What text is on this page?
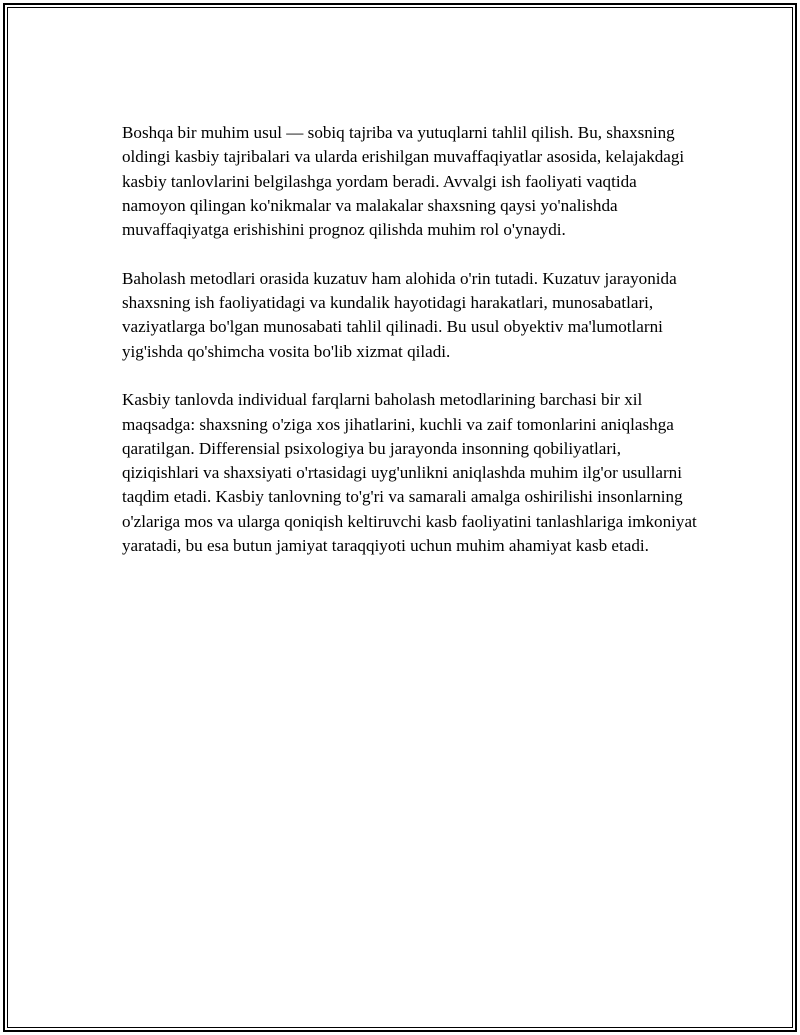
Boshqa bir muhim usul — sobiq tajriba va yutuqlarni tahlil qilish. Bu, shaxsning oldingi kasbiy tajribalari va ularda erishilgan muvaffaqiyatlar asosida, kelajakdagi kasbiy tanlovlarini belgilashga yordam beradi. Avvalgi ish faoliyati vaqtida namoyon qilingan ko'nikmalar va malakalar shaxsning qaysi yo'nalishda muvaffaqiyatga erishishini prognoz qilishda muhim rol o'ynaydi.

Baholash metodlari orasida kuzatuv ham alohida o'rin tutadi. Kuzatuv jarayonida shaxsning ish faoliyatidagi va kundalik hayotidagi harakatlari, munosabatlari, vaziyatlarga bo'lgan munosabati tahlil qilinadi. Bu usul obyektiv ma'lumotlarni yig'ishda qo'shimcha vosita bo'lib xizmat qiladi.

Kasbiy tanlovda individual farqlarni baholash metodlarining barchasi bir xil maqsadga: shaxsning o'ziga xos jihatlarini, kuchli va zaif tomonlarini aniqlashga qaratilgan. Differensial psixologiya bu jarayonda insonning qobiliyatlari, qiziqishlari va shaxsiyati o'rtasidagi uyg'unlikni aniqlashda muhim ilg'or usullarni taqdim etadi. Kasbiy tanlovning to'g'ri va samarali amalga oshirilishi insonlarning o'zlariga mos va ularga qoniqish keltiruvchi kasb faoliyatini tanlashlariga imkoniyat yaratadi, bu esa butun jamiyat taraqqiyoti uchun muhim ahamiyat kasb etadi.
